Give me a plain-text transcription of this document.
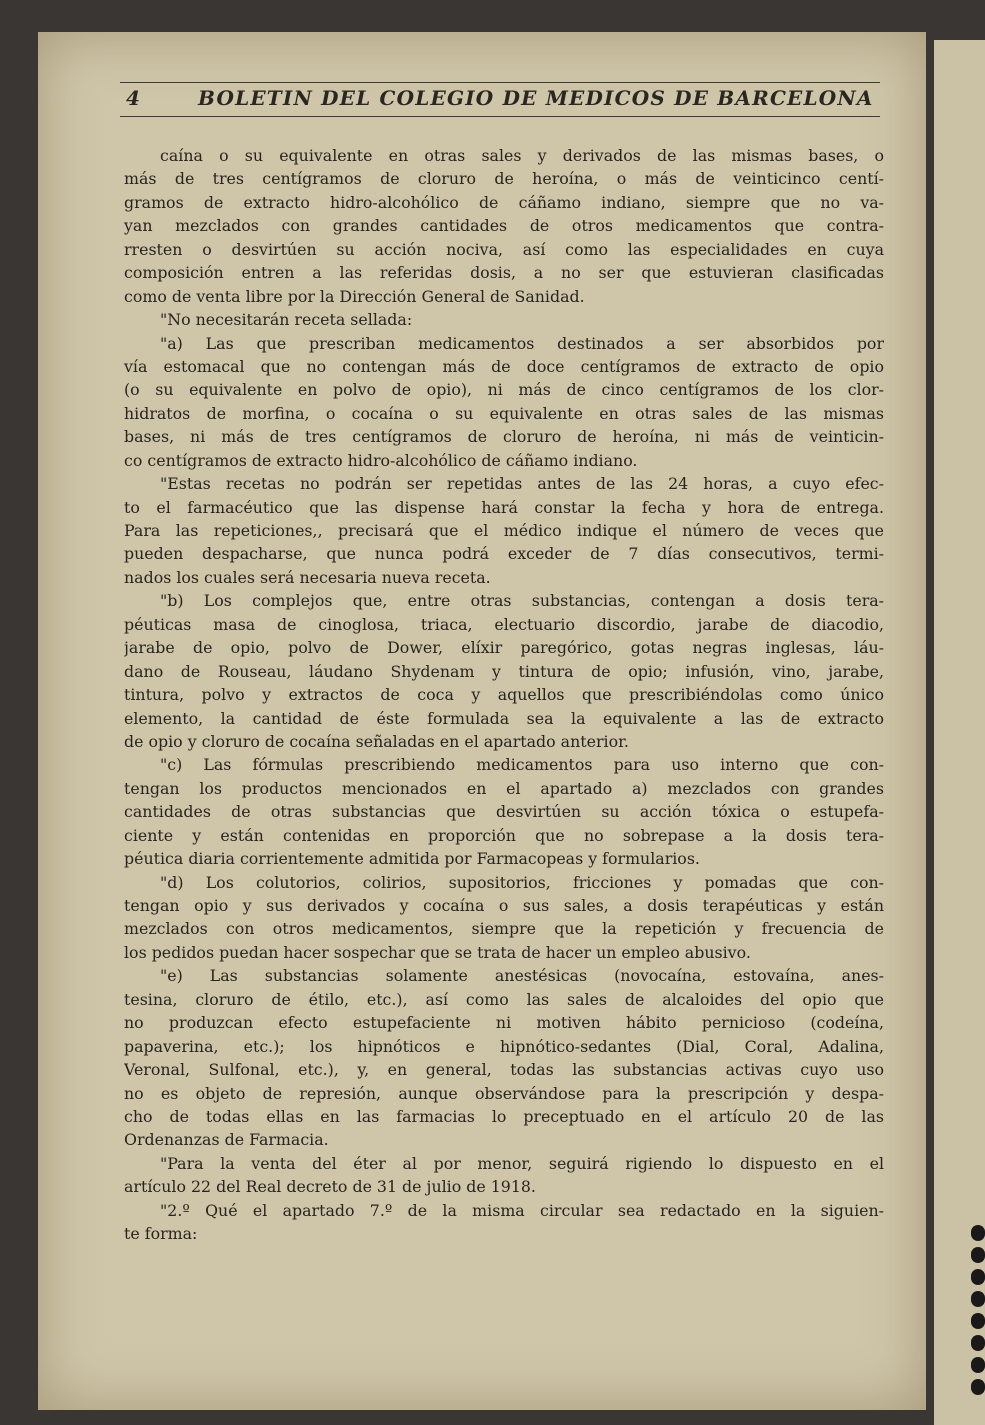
4	BOLETIN DEL COLEGIO DE MEDICOS DE BARCELONA
caína o su equivalente en otras sales y derivados de las mismas bases, o
más de tres centígramos de cloruro de heroína, o más de veinticinco centí-
gramos de extracto hidro-alcohólico de cáñamo indiano, siempre que no va-
yan mezclados con grandes cantidades de otros medicamentos que contra-
rresten o desvirtúen su acción nociva, así como las especialidades en cuya
composición entren a las referidas dosis, a no ser que estuvieran clasificadas
como de venta libre por la Dirección General de Sanidad.
"No necesitarán receta sellada:
"a) Las que prescriban medicamentos destinados a ser absorbidos por
vía estomacal que no contengan más de doce centígramos de extracto de opio
(o su equivalente en polvo de opio), ni más de cinco centígramos de los clor-
hidratos de morfina, o cocaína o su equivalente en otras sales de las mismas
bases, ni más de tres centígramos de cloruro de heroína, ni más de veinticin-
co centígramos de extracto hidro-alcohólico de cáñamo indiano.
"Estas recetas no podrán ser repetidas antes de las 24 horas, a cuyo efec-
to el farmacéutico que las dispense hará constar la fecha y hora de entrega.
Para las repeticiones,, precisará que el médico indique el número de veces que
pueden despacharse, que nunca podrá exceder de 7 días consecutivos, termi-
nados los cuales será necesaria nueva receta.
"b) Los complejos que, entre otras substancias, contengan a dosis tera-
péuticas masa de cinoglosa, triaca, electuario discordio, jarabe de diacodio,
jarabe de opio, polvo de Dower, elíxir paregórico, gotas negras inglesas, láu-
dano de Rouseau, láudano Shydenam y tintura de opio; infusión, vino, jarabe,
tintura, polvo y extractos de coca y aquellos que prescribiéndolas como único
elemento, la cantidad de éste formulada sea la equivalente a las de extracto
de opio y cloruro de cocaína señaladas en el apartado anterior.
"c) Las fórmulas prescribiendo medicamentos para uso interno que con-
tengan los productos mencionados en el apartado a) mezclados con grandes
cantidades de otras substancias que desvirtúen su acción tóxica o estupefa-
ciente y están contenidas en proporción que no sobrepase a la dosis tera-
péutica diaria corrientemente admitida por Farmacopeas y formularios.
"d) Los colutorios, colirios, supositorios, fricciones y pomadas que con-
tengan opio y sus derivados y cocaína o sus sales, a dosis terapéuticas y están
mezclados con otros medicamentos, siempre que la repetición y frecuencia de
los pedidos puedan hacer sospechar que se trata de hacer un empleo abusivo.
"e) Las substancias solamente anestésicas (novocaína, estovaína, anes-
tesina, cloruro de étilo, etc.), así como las sales de alcaloides del opio que
no produzcan efecto estupefaciente ni motiven hábito pernicioso (codeína,
papaverina, etc.); los hipnóticos e hipnótico-sedantes (Dial, Coral, Adalina,
Veronal, Sulfonal, etc.), y, en general, todas las substancias activas cuyo uso
no es objeto de represión, aunque observándose para la prescripción y despa-
cho de todas ellas en las farmacias lo preceptuado en el artículo 20 de las
Ordenanzas de Farmacia.
"Para la venta del éter al por menor, seguirá rigiendo lo dispuesto en el
artículo 22 del Real decreto de 31 de julio de 1918.
"2.º Qué el apartado 7.º de la misma circular sea redactado en la siguien-
te forma:
